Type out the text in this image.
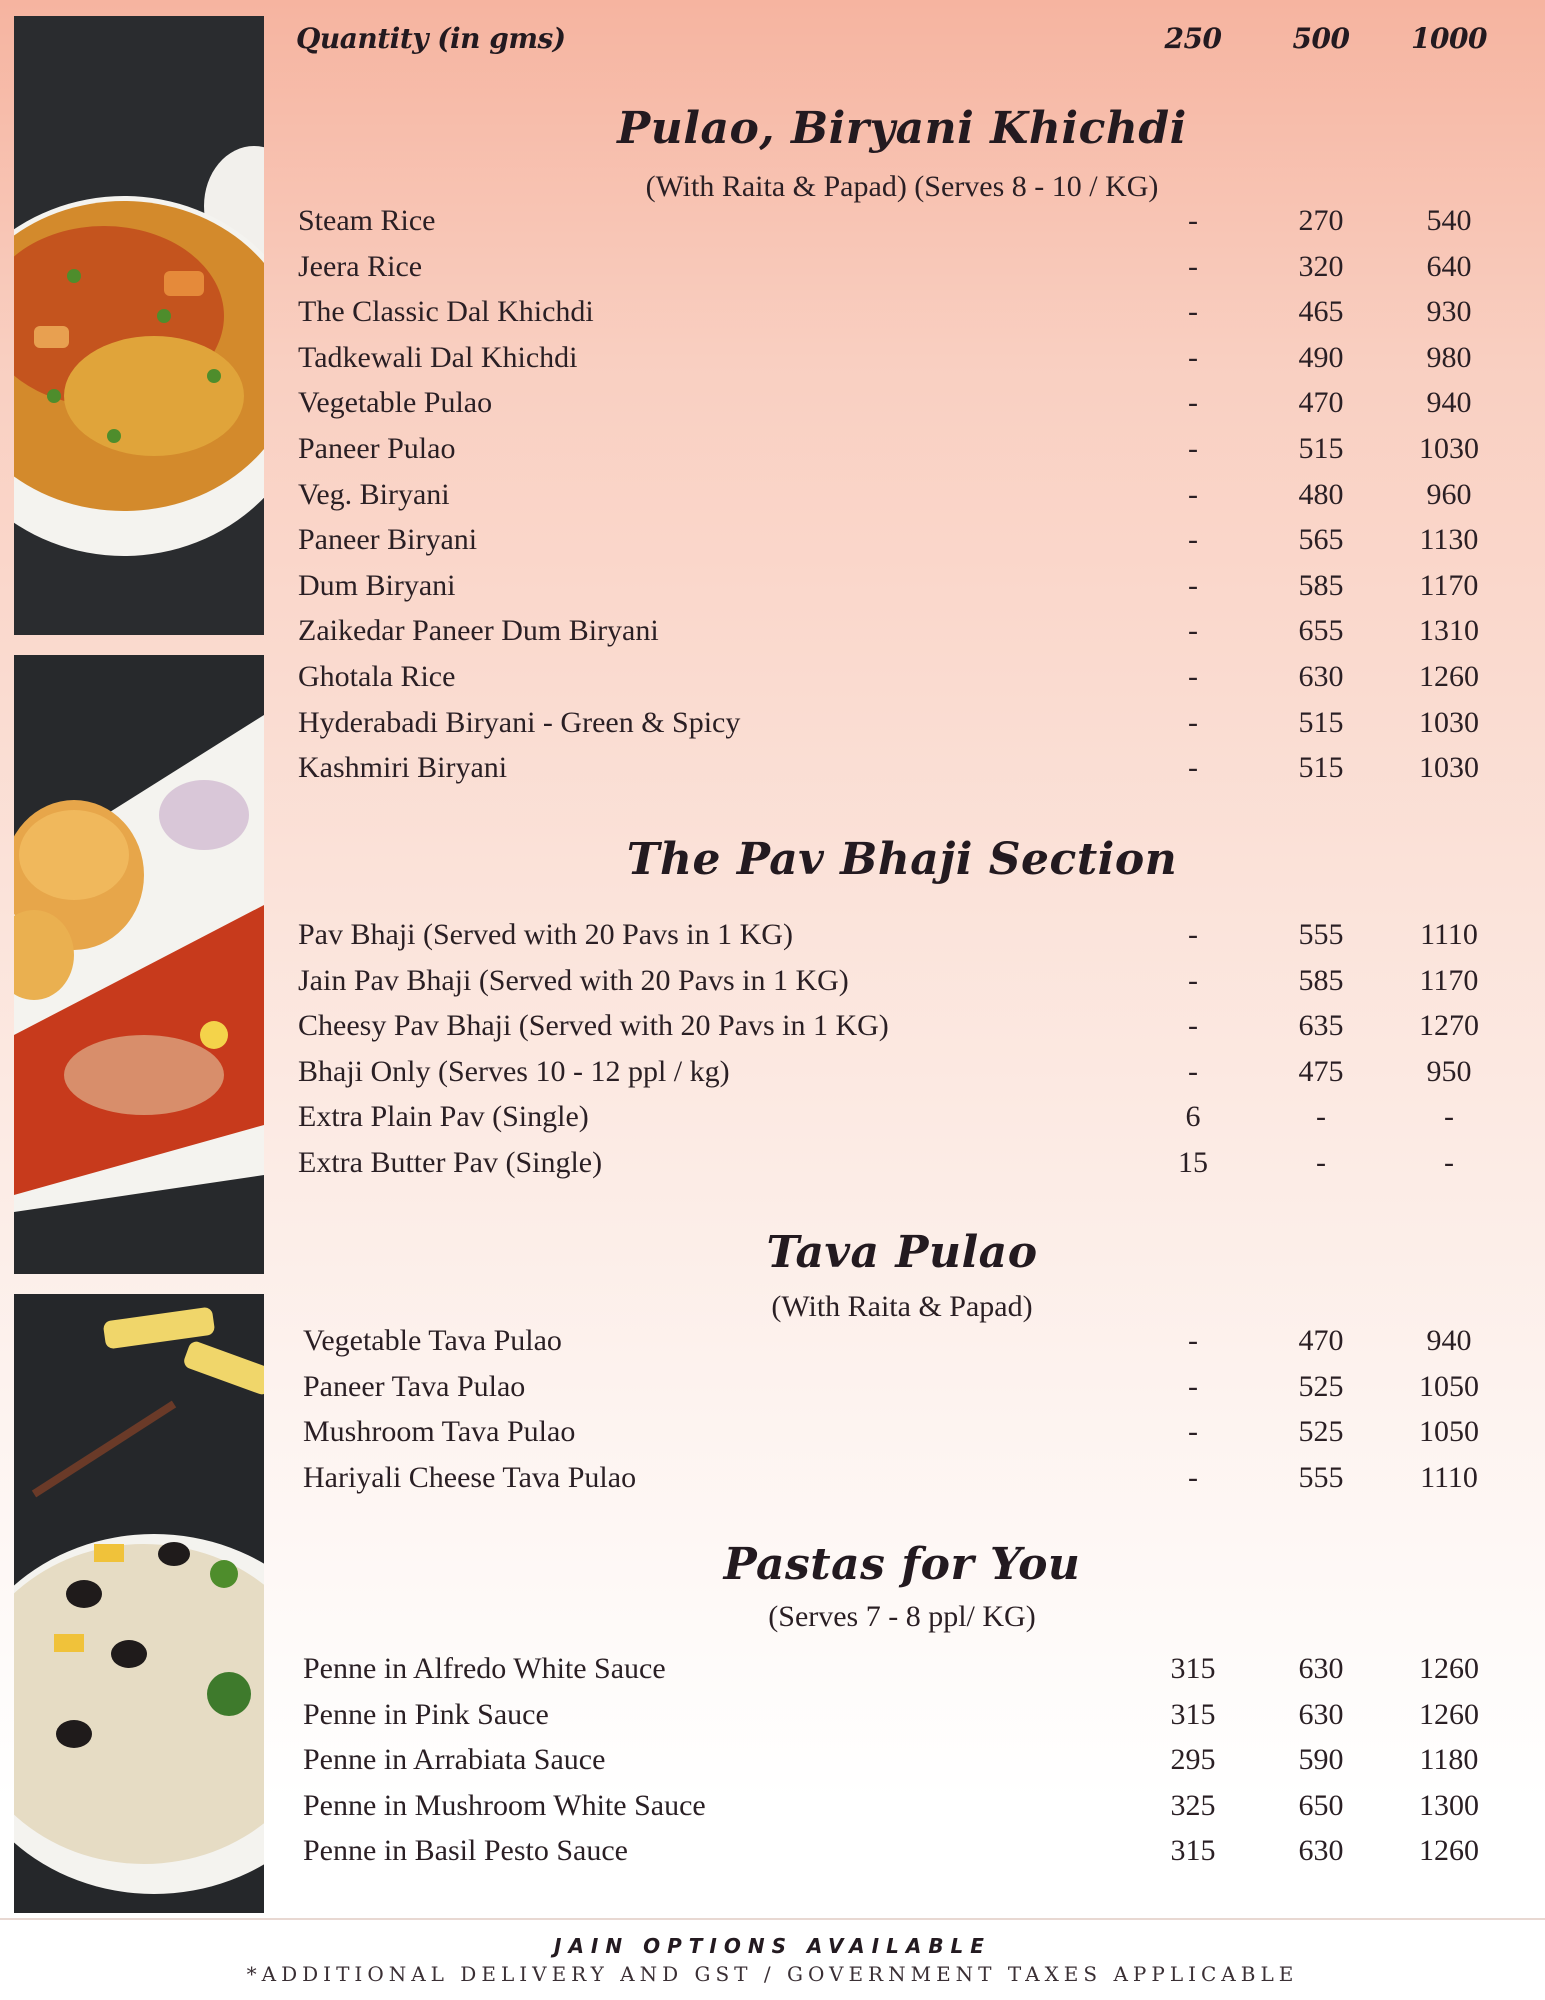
Quantity (in gms)	250	500	1000
Pulao, Biryani Khichdi
(With Raita & Papad) (Serves 8 - 10 / KG)
Steam Rice	-	270	540
Jeera Rice	-	320	640
The Classic Dal Khichdi	-	465	930
Tadkewali Dal Khichdi	-	490	980
Vegetable Pulao	-	470	940
Paneer Pulao	-	515	1030
Veg. Biryani	-	480	960
Paneer Biryani	-	565	1130
Dum Biryani	-	585	1170
Zaikedar Paneer Dum Biryani	-	655	1310
Ghotala Rice	-	630	1260
Hyderabadi Biryani - Green & Spicy	-	515	1030
Kashmiri Biryani	-	515	1030
The Pav Bhaji Section
Pav Bhaji (Served with 20 Pavs in 1 KG)	-	555	1110
Jain Pav Bhaji (Served with 20 Pavs in 1 KG)	-	585	1170
Cheesy Pav Bhaji (Served with 20 Pavs in 1 KG)	-	635	1270
Bhaji Only (Serves 10 - 12 ppl / kg)	-	475	950
Extra Plain Pav (Single)	6	-	-
Extra Butter Pav (Single)	15	-	-
Tava Pulao
(With Raita & Papad)
Vegetable Tava Pulao	-	470	940
Paneer Tava Pulao	-	525	1050
Mushroom Tava Pulao	-	525	1050
Hariyali Cheese Tava Pulao	-	555	1110
Pastas for You
(Serves 7 - 8 ppl/ KG)
Penne in Alfredo White Sauce	315	630	1260
Penne in Pink Sauce	315	630	1260
Penne in Arrabiata Sauce	295	590	1180
Penne in Mushroom White Sauce	325	650	1300
Penne in Basil Pesto Sauce	315	630	1260
JAIN OPTIONS AVAILABLE
*ADDITIONAL DELIVERY AND GST / GOVERNMENT TAXES APPLICABLE
